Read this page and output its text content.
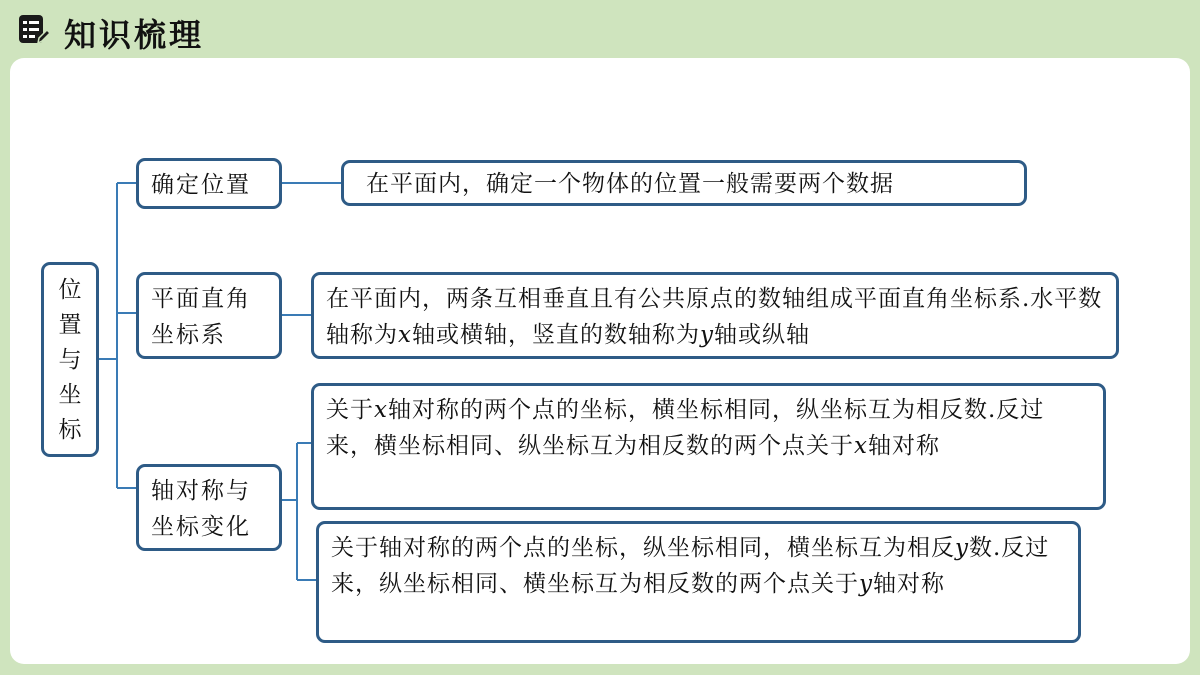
知识梳理
位置与坐标
确定位置
平面直角坐标系
轴对称与坐标变化
在平面内，确定一个物体的位置一般需要两个数据
在平面内，两条互相垂直且有公共原点的数轴组成平面直角坐标系.水平数轴称为x轴或横轴，竖直的数轴称为y轴或纵轴
关于x轴对称的两个点的坐标，横坐标相同，纵坐标互为相反数.反过来，横坐标相同、纵坐标互为相反数的两个点关于x轴对称
关于轴对称的两个点的坐标，纵坐标相同，横坐标互为相反y数.反过来，纵坐标相同、横坐标互为相反数的两个点关于y轴对称
